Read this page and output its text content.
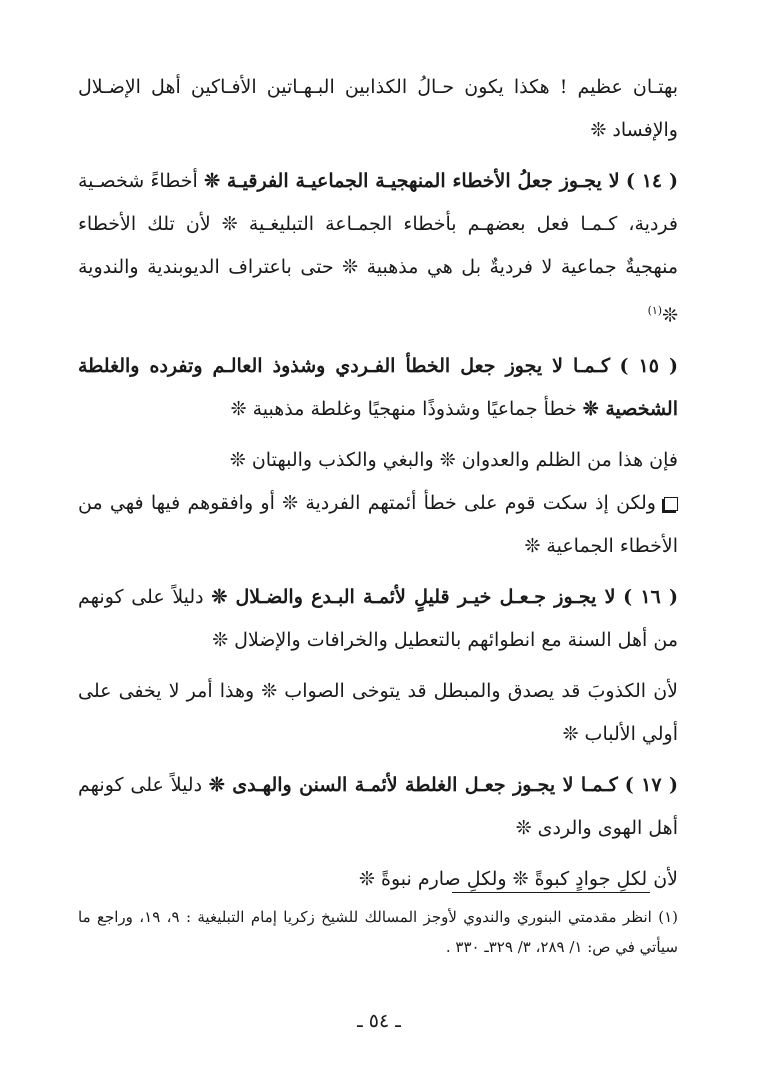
بهتـان عظيم ! هكذا يكون حـالُ الكذابين البـهـاتين الأفـاكين أهل الإضـلال والإفساد ❊

( ١٤ ) لا يجـوز جعلُ الأخطاء المنهجيـة الجماعيـة الفرقيـة ❊ أخطاءً شخصـية فردية، كـمـا فعل بعضهـم بأخطاء الجمـاعة التبليغـية ❊ لأن تلك الأخطاء منهجيةٌ جماعية لا فرديةٌ بل هي مذهبية ❊ حتى باعتراف الديوبندية والندوية ❊$^{(١)}$

( ١٥ ) كـمـا لا يجوز جعل الخطأ الفـردي وشذوذ العالـم وتفرده والغلطة الشخصية ❊ خطأ جماعيًا وشذوذًا منهجيًا وغلطة مذهبية ❊

فإن هذا من الظلم والعدوان ❊ والبغي والكذب والبهتان ❊

ولكن إذ سكت قوم على خطأ أئمتهم الفردية ❊ أو وافقوهم فيها فهي من الأخطاء الجماعية ❊

( ١٦ ) لا يجـوز جـعـل خيـر قليلٍ لأئمـة البـدع والضـلال ❊ دليلاً على كونهم من أهل السنة مع انطوائهم بالتعطيل والخرافات والإضلال ❊

لأن الكذوبَ قد يصدق والمبطل قد يتوخى الصواب ❊ وهذا أمر لا يخفى على أولي الألباب ❊

( ١٧ ) كـمـا لا يجـوز جعـل الغلطة لأئمـة السنن والهـدى ❊ دليلاً على كونهم أهل الهوى والردى ❊

لأن لكلِ جوادٍ كبوةً ❊ ولكلِ صارم نبوةً ❊

(١) انظر مقدمتي البنوري والندوي لأوجز المسالك للشيخ زكريا إمام التبليغية : ٩، ١٩، وراجع ما سيأتي في ص: ١/ ٢٨٩، ٣/ ٣٢٩ـ ٣٣٠ .
ـ ٥٤ ـ
